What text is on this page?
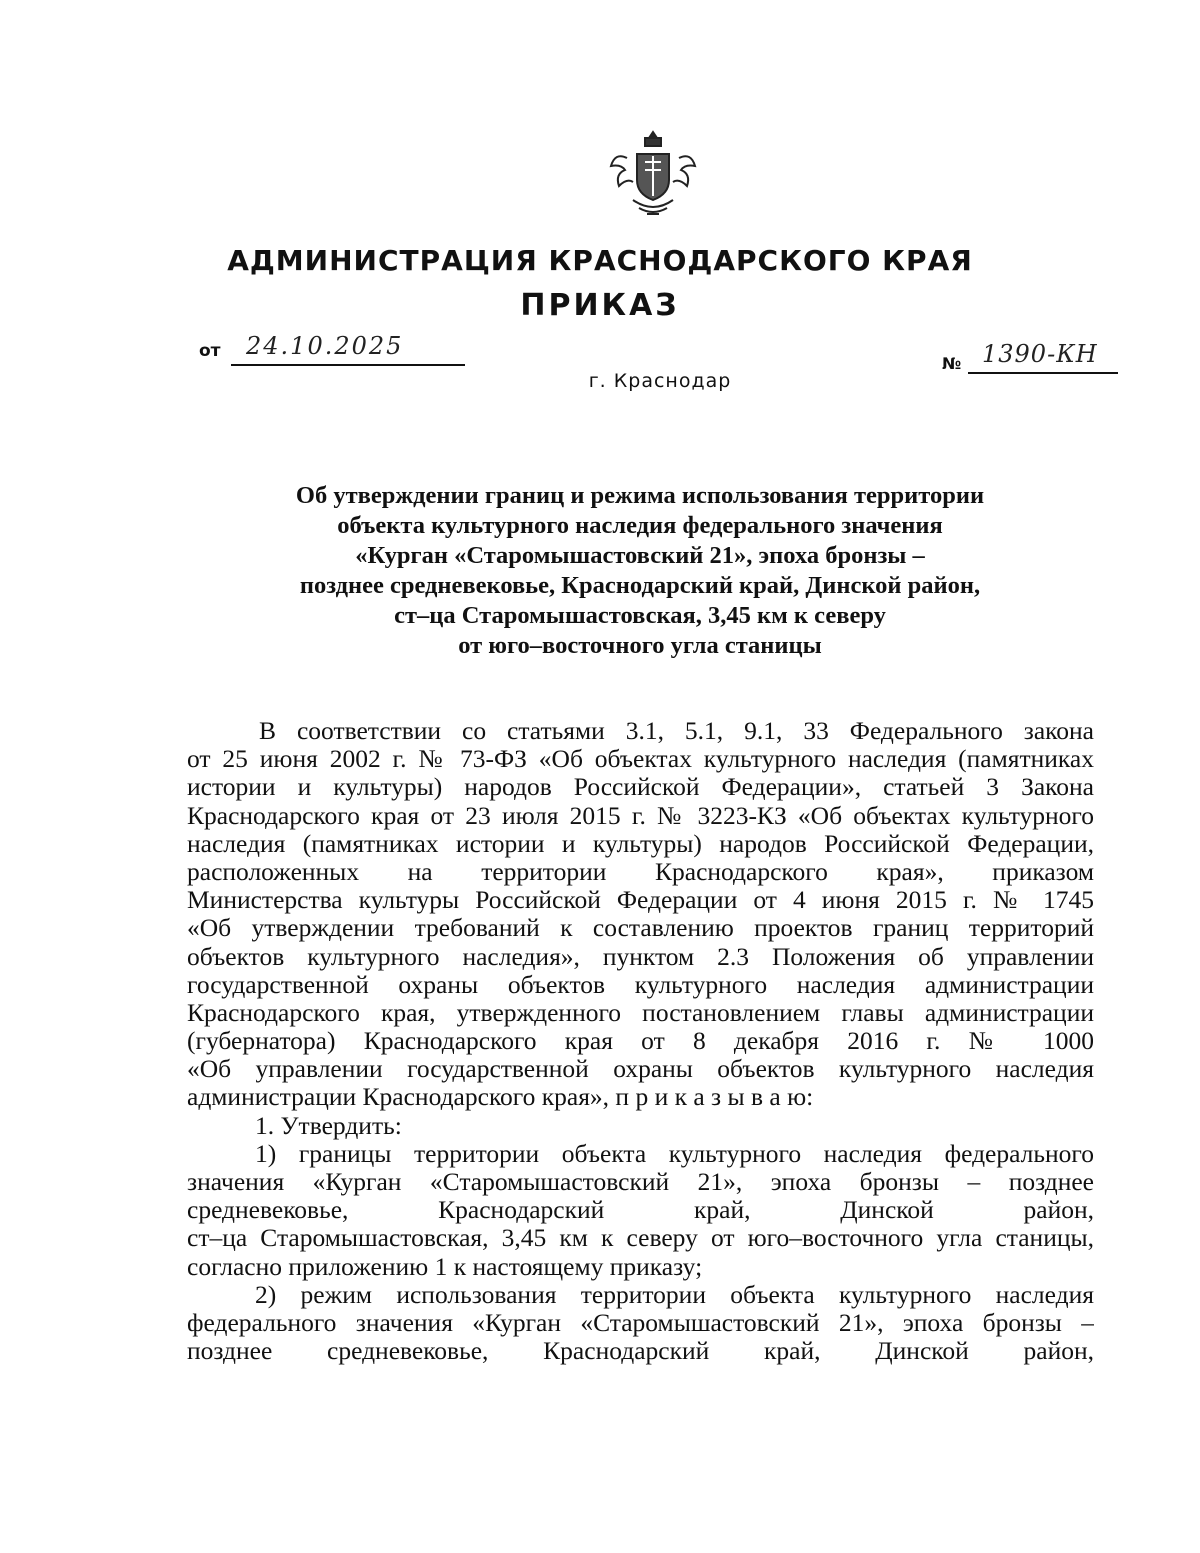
АДМИНИСТРАЦИЯ КРАСНОДАРСКОГО КРАЯ
ПРИКАЗ
от 24.10.2025
№ 1390-КН
г. Краснодар
Об утверждении границ и режима использования территории
объекта культурного наследия федерального значения
«Курган «Старомышастовский 21», эпоха бронзы –
позднее средневековье, Краснодарский край, Динской район,
ст–ца Старомышастовская, 3,45 км к северу
от юго–восточного угла станицы
В соответствии со статьями 3.1, 5.1, 9.1, 33 Федерального закона
от 25 июня 2002 г. № 73-ФЗ «Об объектах культурного наследия (памятниках
истории и культуры) народов Российской Федерации», статьей 3 Закона
Краснодарского края от 23 июля 2015 г. № 3223-КЗ «Об объектах культурного
наследия (памятниках истории и культуры) народов Российской Федерации,
расположенных на территории Краснодарского края», приказом
Министерства культуры Российской Федерации от 4 июня 2015 г. № 1745
«Об утверждении требований к составлению проектов границ территорий
объектов культурного наследия», пунктом 2.3 Положения об управлении
государственной охраны объектов культурного наследия администрации
Краснодарского края, утвержденного постановлением главы администрации
(губернатора) Краснодарского края от 8 декабря 2016 г. № 1000
«Об управлении государственной охраны объектов культурного наследия
администрации Краснодарского края», п р и к а з ы в а ю:
1. Утвердить:
1) границы территории объекта культурного наследия федерального
значения «Курган «Старомышастовский 21», эпоха бронзы – позднее
средневековье, Краснодарский край, Динской район,
ст–ца Старомышастовская, 3,45 км к северу от юго–восточного угла станицы,
согласно приложению 1 к настоящему приказу;
2) режим использования территории объекта культурного наследия
федерального значения «Курган «Старомышастовский 21», эпоха бронзы –
позднее средневековье, Краснодарский край, Динской район,
